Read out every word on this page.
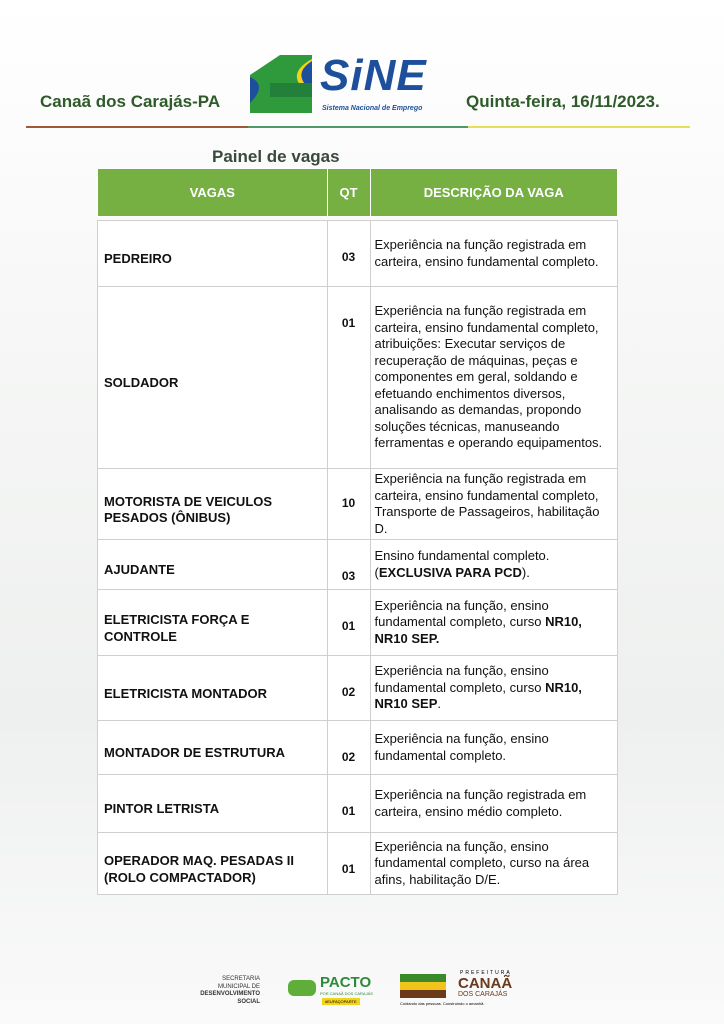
Canaã dos Carajás-PA
SiNE
Sistema Nacional de Emprego	Quinta-feira, 16/11/2023.
Painel de vagas
VAGAS	QT	DESCRIÇÃO DA VAGA

PEDREIRO	03	Experiência na função registrada em carteira, ensino fundamental completo.
SOLDADOR	01	Experiência na função registrada em carteira, ensino fundamental completo, atribuições: Executar serviços de recuperação de máquinas, peças e componentes em geral, soldando e efetuando enchimentos diversos, analisando as demandas, propondo soluções técnicas, manuseando ferramentas e operando equipamentos.
MOTORISTA DE VEICULOS PESADOS (ÔNIBUS)	10	Experiência na função registrada em carteira, ensino fundamental completo, Transporte de Passageiros, habilitação D.
AJUDANTE	03	Ensino fundamental completo. (EXCLUSIVA PARA PCD).
ELETRICISTA FORÇA E CONTROLE	01	Experiência na função, ensino fundamental completo, curso NR10, NR10 SEP.
ELETRICISTA MONTADOR	02	Experiência na função, ensino fundamental completo, curso NR10, NR10 SEP.
MONTADOR DE ESTRUTURA	02	Experiência na função, ensino fundamental completo.
PINTOR LETRISTA	01	Experiência na função registrada em carteira, ensino médio completo.
OPERADOR MAQ. PESADAS II (ROLO COMPACTADOR)	01	Experiência na função, ensino fundamental completo, curso na área afins, habilitação D/E.
SECRETARIA
MUNICIPAL DE
DESENVOLVIMENTO
SOCIAL
PACTO
POR CANAÃ DOS CARAJÁS
#EUFAÇOPARTE
PREFEITURA
CANAÃ
DOS CARAJÁS
Cuidando das pessoas. Construindo o amanhã.
